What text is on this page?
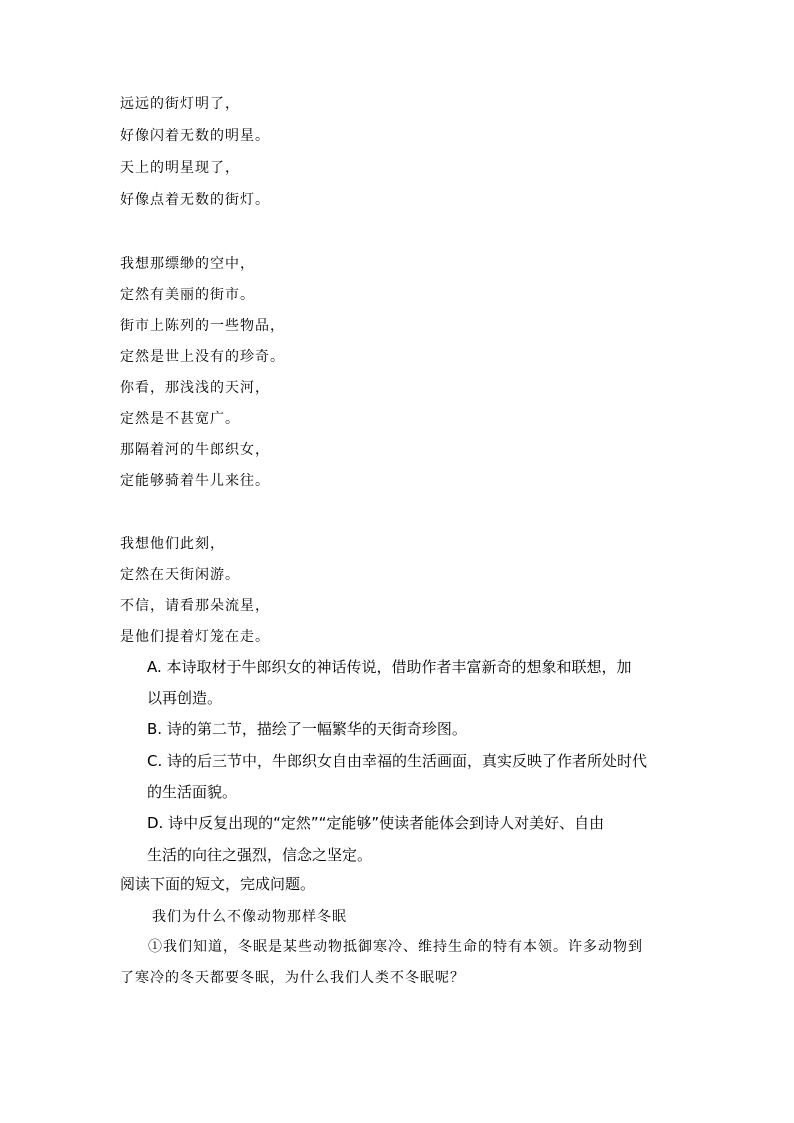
远远的街灯明了，
好像闪着无数的明星。
天上的明星现了，
好像点着无数的街灯。
我想那缥缈的空中，
定然有美丽的街市。
街市上陈列的一些物品，
定然是世上没有的珍奇。
你看，那浅浅的天河，
定然是不甚宽广。
那隔着河的牛郎织女，
定能够骑着牛儿来往。
我想他们此刻，
定然在天街闲游。
不信，请看那朵流星，
是他们提着灯笼在走。
A. 本诗取材于牛郎织女的神话传说，借助作者丰富新奇的想象和联想，加
以再创造。
B. 诗的第二节，描绘了一幅繁华的天街奇珍图。
C. 诗的后三节中，牛郎织女自由幸福的生活画面，真实反映了作者所处时代
的生活面貌。
D. 诗中反复出现的“定然”“定能够”使读者能体会到诗人对美好、自由
生活的向往之强烈，信念之坚定。
阅读下面的短文，完成问题。
我们为什么不像动物那样冬眠
①我们知道，冬眠是某些动物抵御寒冷、维持生命的特有本领。许多动物到
了寒冷的冬天都要冬眠，为什么我们人类不冬眠呢？
